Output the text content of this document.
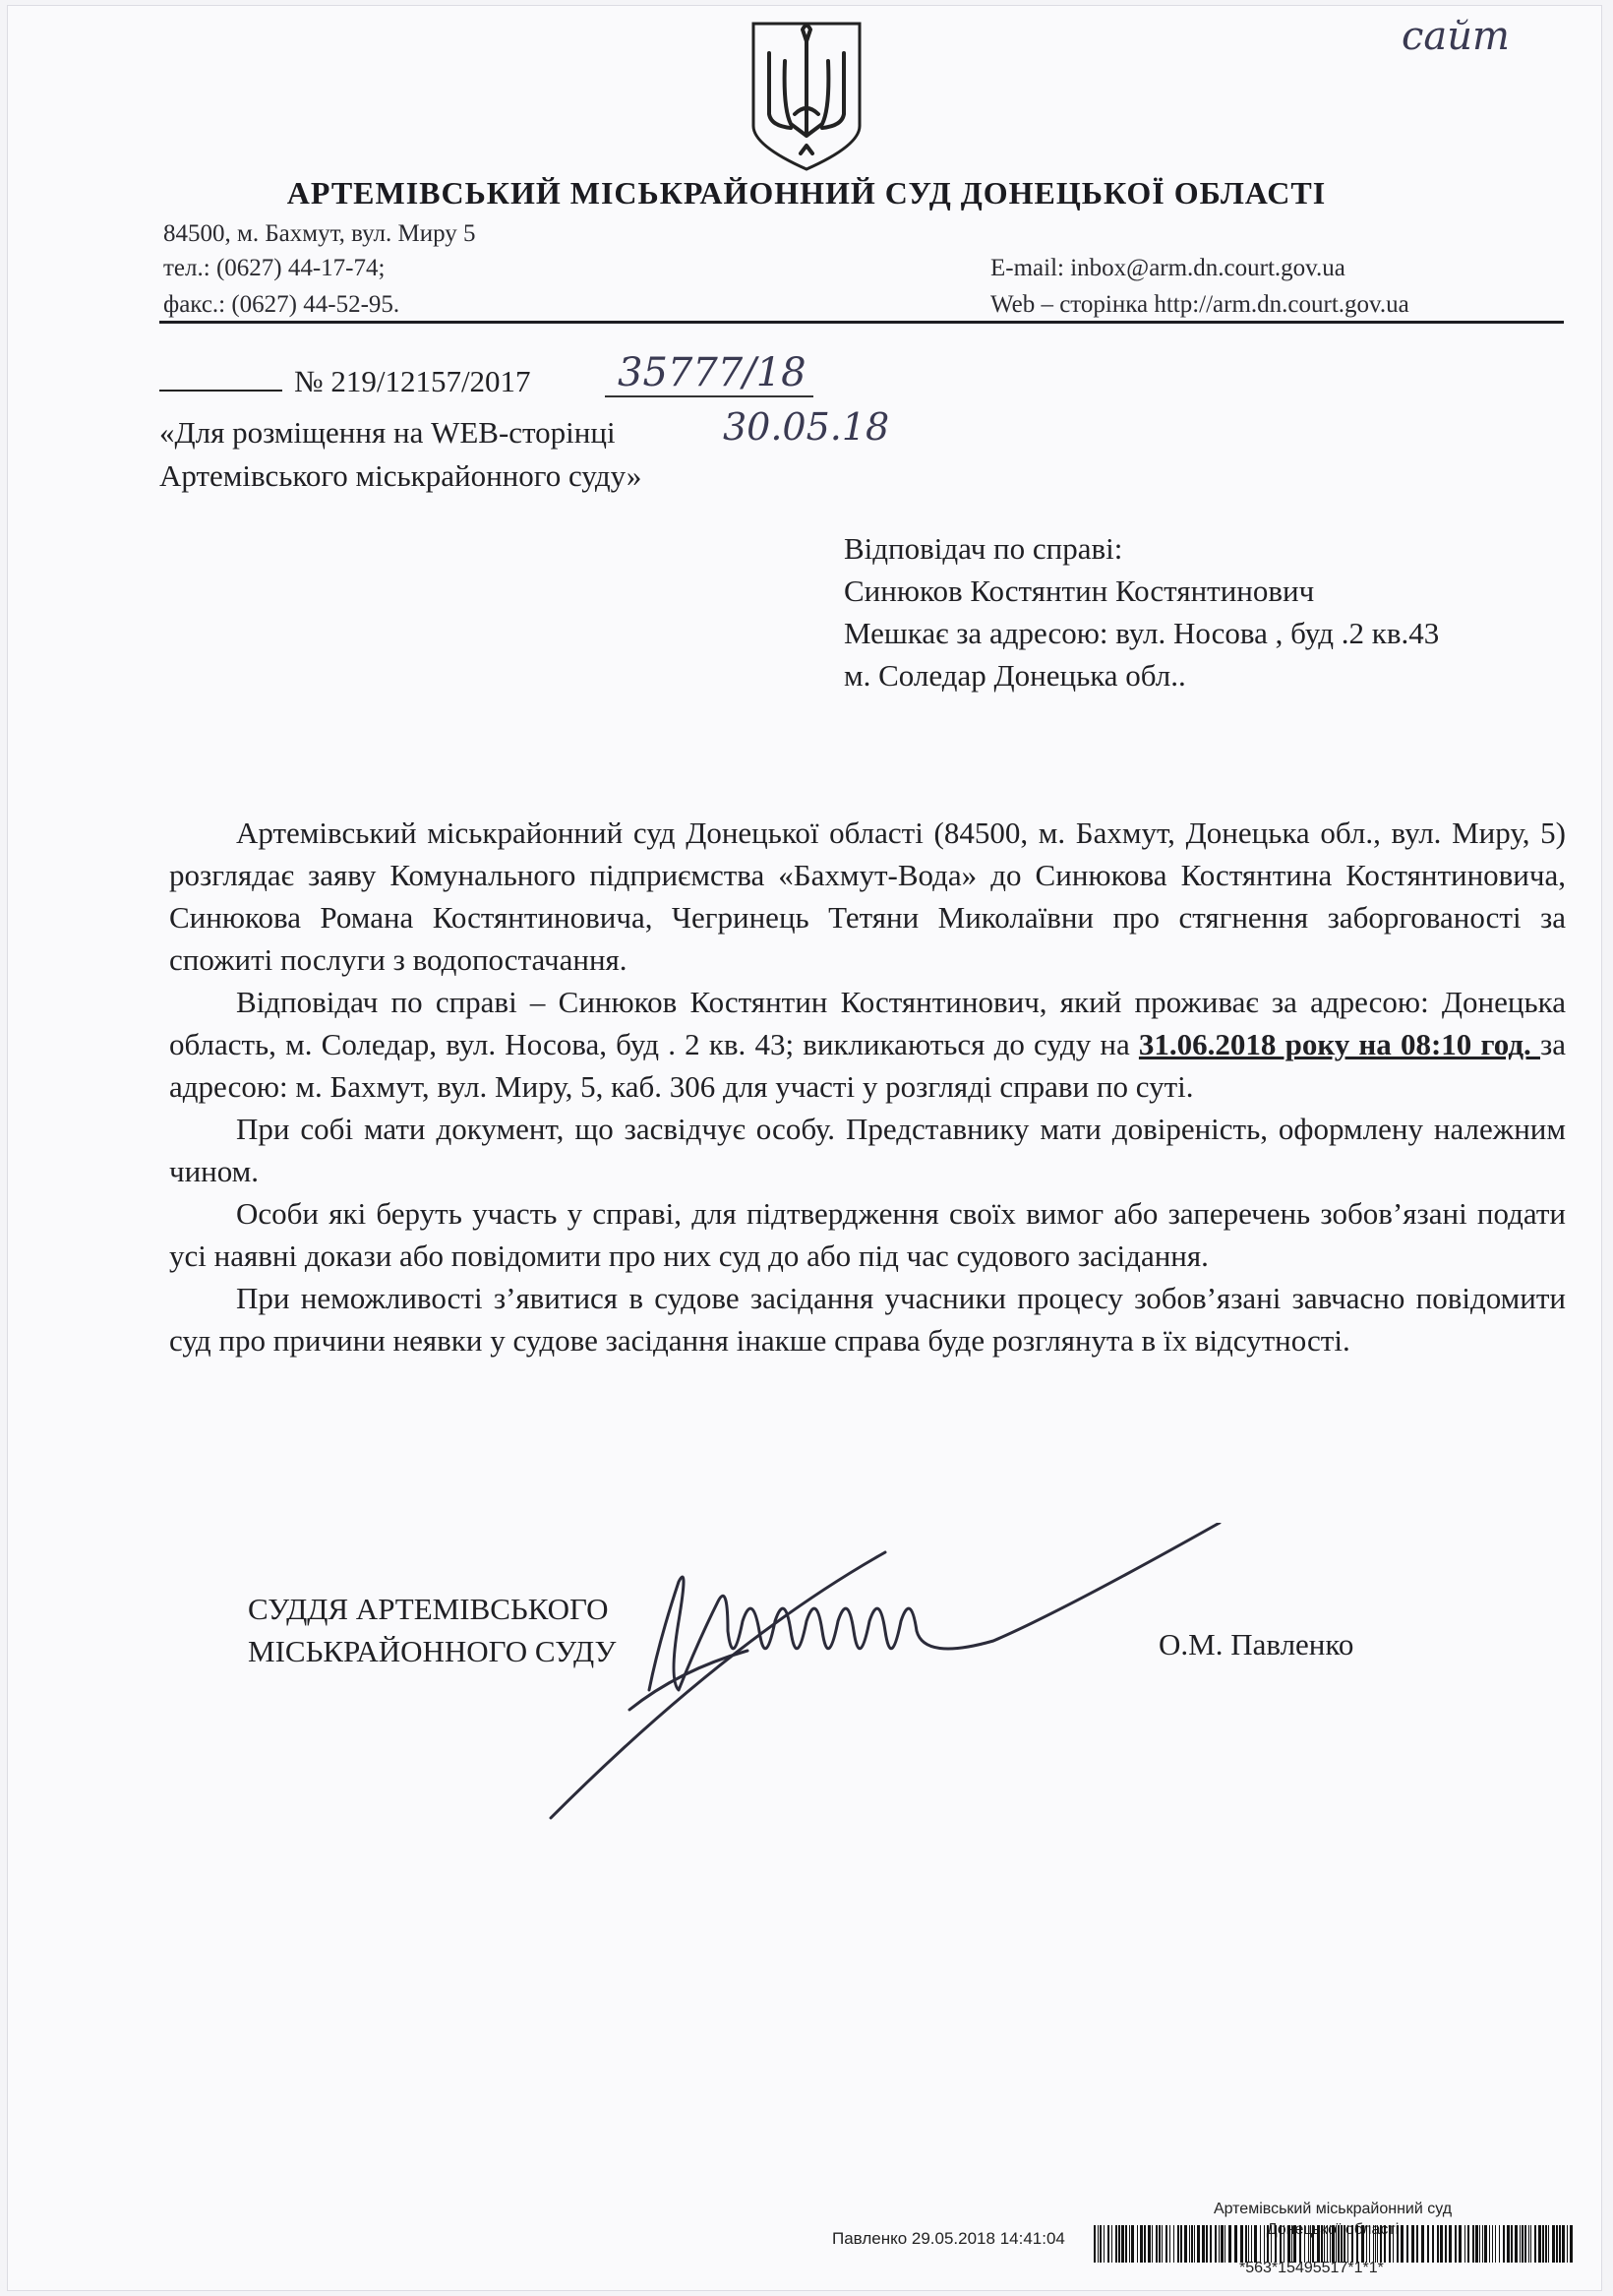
АРТЕМІВСЬКИЙ МІСЬКРАЙОННИЙ СУД ДОНЕЦЬКОЇ ОБЛАСТІ
84500, м. Бахмут, вул. Миру 5
тел.: (0627) 44-17-74;
факс.: (0627) 44-52-95.
E-mail: inbox@arm.dn.court.gov.ua
Web – сторінка http://arm.dn.court.gov.ua
№ 219/12157/2017 35777/18
«Для розміщення на WEB-сторінці
Артемівського міськрайонного суду»
30.05.18
сайт
Відповідач по справі:
Синюков Костянтин Костянтинович
Мешкає за адресою: вул. Носова , буд .2 кв.43
м. Соледар Донецька обл..

Артемівський міськрайонний суд Донецької області (84500, м. Бахмут, Донецька обл., вул. Миру, 5) розглядає заяву Комунального підприємства «Бахмут-Вода» до Синюкова Костянтина Костянтиновича, Синюкова Романа Костянтиновича, Чегринець Тетяни Миколаївни про стягнення заборгованості за спожиті послуги з водопостачання.

Відповідач по справі – Синюков Костянтин Костянтинович, який проживає за адресою: Донецька область, м. Соледар, вул. Носова, буд . 2 кв. 43; викликаються до суду на 31.06.2018 року на 08:10 год. за адресою: м. Бахмут, вул. Миру, 5, каб. 306 для участі у розгляді справи по суті.

При собі мати документ, що засвідчує особу. Представнику мати довіреність, оформлену належним чином.

Особи які беруть участь у справі, для підтвердження своїх вимог або заперечень зобов’язані подати усі наявні докази або повідомити про них суд до або під час судового засідання.

При неможливості з’явитися в судове засідання учасники процесу зобов’язані завчасно повідомити суд про причини неявки у судове засідання інакше справа буде розглянута в їх відсутності.

СУДДЯ АРТЕМІВСЬКОГО
МІСЬКРАЙОННОГО СУДУ	О.М. Павленко
Артемівський міськрайонний суд
Донецької області
Павленко 29.05.2018 14:41:04
*563*15495517*1*1*
